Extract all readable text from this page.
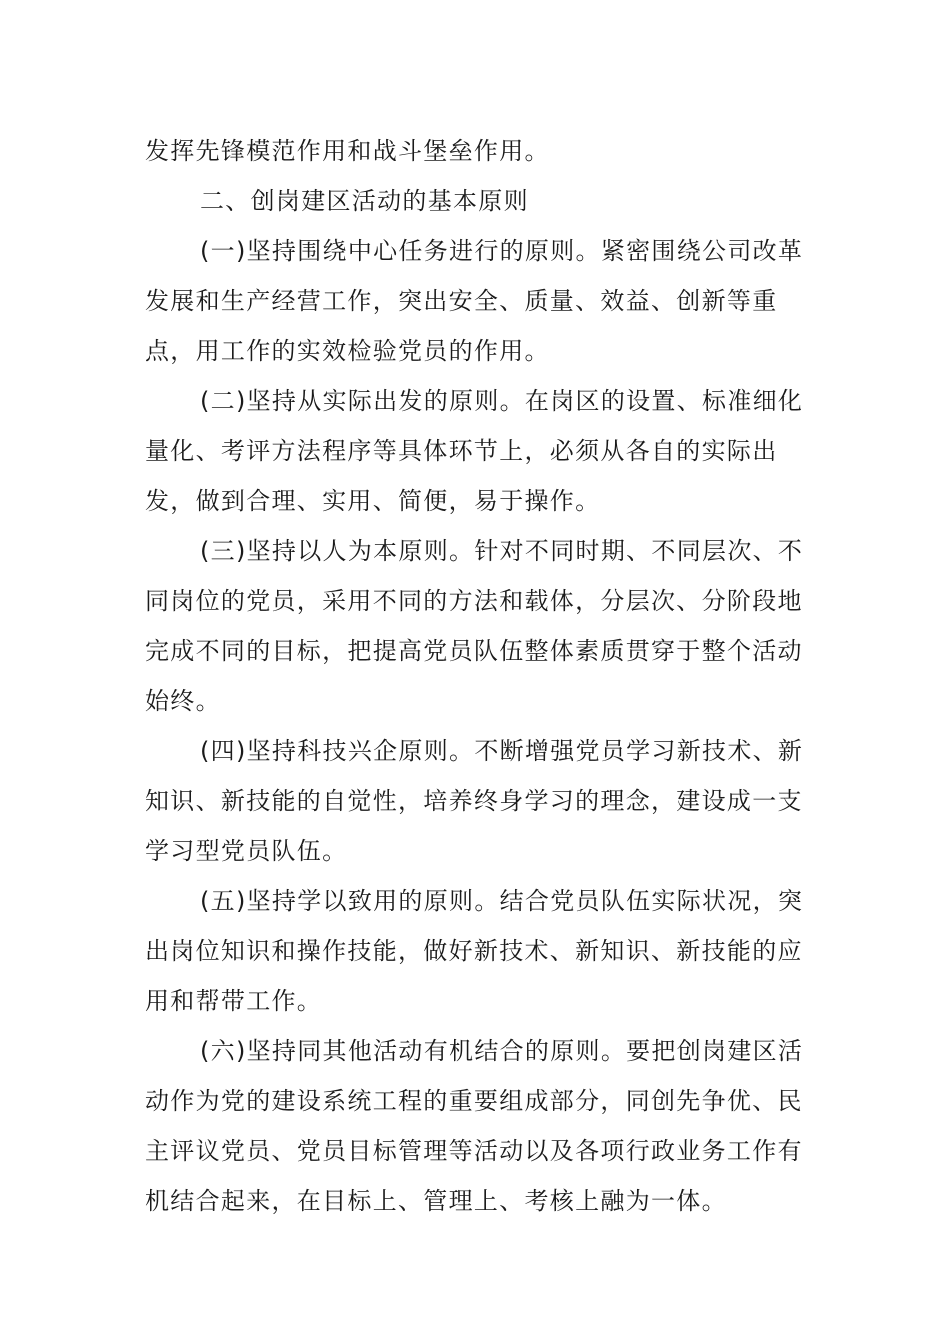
发挥先锋模范作用和战斗堡垒作用。

二、创岗建区活动的基本原则

(一)坚持围绕中心任务进行的原则。紧密围绕公司改革发展和生产经营工作，突出安全、质量、效益、创新等重点，用工作的实效检验党员的作用。

(二)坚持从实际出发的原则。在岗区的设置、标准细化量化、考评方法程序等具体环节上，必须从各自的实际出发，做到合理、实用、简便，易于操作。

(三)坚持以人为本原则。针对不同时期、不同层次、不同岗位的党员，采用不同的方法和载体，分层次、分阶段地完成不同的目标，把提高党员队伍整体素质贯穿于整个活动始终。

(四)坚持科技兴企原则。不断增强党员学习新技术、新知识、新技能的自觉性，培养终身学习的理念，建设成一支学习型党员队伍。

(五)坚持学以致用的原则。结合党员队伍实际状况，突出岗位知识和操作技能，做好新技术、新知识、新技能的应用和帮带工作。

(六)坚持同其他活动有机结合的原则。要把创岗建区活动作为党的建设系统工程的重要组成部分，同创先争优、民主评议党员、党员目标管理等活动以及各项行政业务工作有机结合起来，在目标上、管理上、考核上融为一体。
